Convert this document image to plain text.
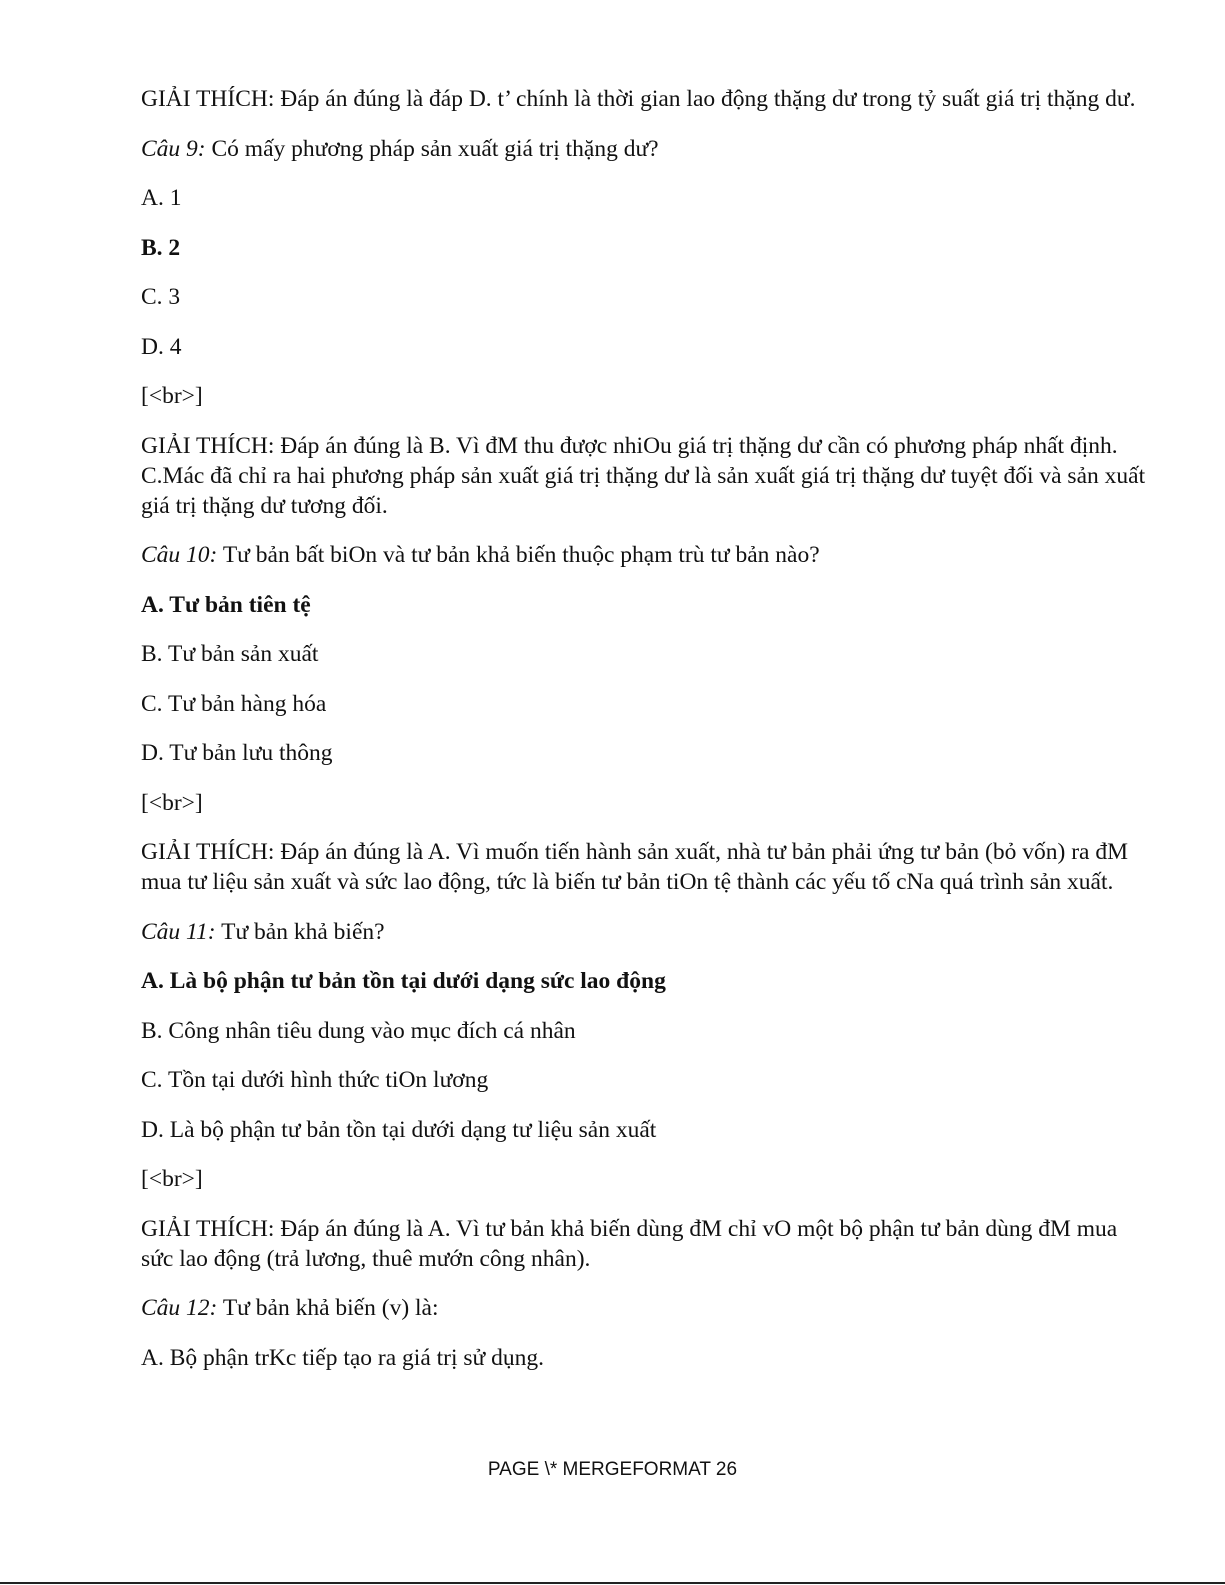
GIẢI THÍCH: Đáp án đúng là đáp D. t’ chính là thời gian lao động thặng dư trong tỷ suất giá trị thặng dư.

Câu 9: Có mấy phương pháp sản xuất giá trị thặng dư?

A. 1

B. 2

C. 3

D. 4

[<br>]

GIẢI THÍCH: Đáp án đúng là B. Vì đM thu được nhiOu giá trị thặng dư cần có phương pháp nhất định. C.Mác đã chỉ ra hai phương pháp sản xuất giá trị thặng dư là sản xuất giá trị thặng dư tuyệt đối và sản xuất giá trị thặng dư tương đối.

Câu 10: Tư bản bất biOn và tư bản khả biến thuộc phạm trù tư bản nào?

A. Tư bản tiên tệ

B. Tư bản sản xuất

C. Tư bản hàng hóa

D. Tư bản lưu thông

[<br>]

GIẢI THÍCH: Đáp án đúng là A. Vì muốn tiến hành sản xuất, nhà tư bản phải ứng tư bản (bỏ vốn) ra đM mua tư liệu sản xuất và sức lao động, tức là biến tư bản tiOn tệ thành các yếu tố cNa quá trình sản xuất.

Câu 11: Tư bản khả biến?

A. Là bộ phận tư bản tồn tại dưới dạng sức lao động

B. Công nhân tiêu dung vào mục đích cá nhân

C. Tồn tại dưới hình thức tiOn lương

D. Là bộ phận tư bản tồn tại dưới dạng tư liệu sản xuất

[<br>]

GIẢI THÍCH: Đáp án đúng là A. Vì tư bản khả biến dùng đM chỉ vO một bộ phận tư bản dùng đM mua sức lao động (trả lương, thuê mướn công nhân).

Câu 12: Tư bản khả biến (v) là:

A. Bộ phận trKc tiếp tạo ra giá trị sử dụng.

PAGE \* MERGEFORMAT 26
